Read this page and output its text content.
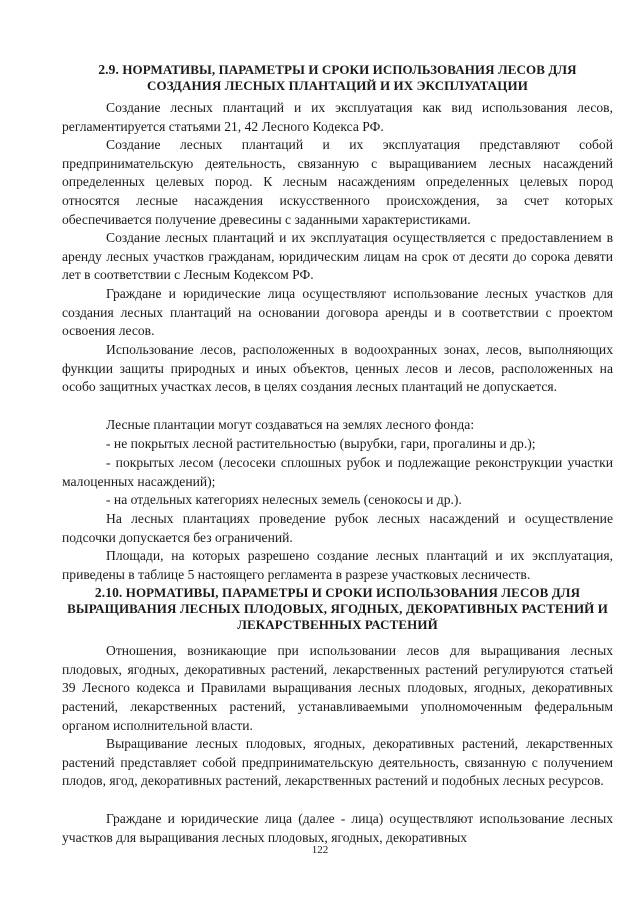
2.9. НОРМАТИВЫ, ПАРАМЕТРЫ И СРОКИ ИСПОЛЬЗОВАНИЯ ЛЕСОВ ДЛЯ СОЗДАНИЯ ЛЕСНЫХ ПЛАНТАЦИЙ И ИХ ЭКСПЛУАТАЦИИ

Создание лесных плантаций и их эксплуатация как вид использования лесов, регламентируется статьями 21, 42 Лесного Кодекса РФ.

Создание лесных плантаций и их эксплуатация представляют собой предпринимательскую деятельность, связанную с выращиванием лесных насаждений определенных целевых пород. К лесным насаждениям определенных целевых пород относятся лесные насаждения искусственного происхождения, за счет которых обеспечивается получение древесины с заданными характеристиками.

Создание лесных плантаций и их эксплуатация осуществляется с предоставлением в аренду лесных участков гражданам, юридическим лицам на срок от десяти до сорока девяти лет в соответствии с Лесным Кодексом РФ.

Граждане и юридические лица осуществляют использование лесных участков для создания лесных плантаций на основании договора аренды и в соответствии с проектом освоения лесов.

Использование лесов, расположенных в водоохранных зонах, лесов, выполняющих функции защиты природных и иных объектов, ценных лесов и лесов, расположенных на особо защитных участках лесов, в целях создания лесных плантаций не допускается.

Лесные плантации могут создаваться на землях лесного фонда:

- не покрытых лесной растительностью (вырубки, гари, прогалины и др.);

- покрытых лесом (лесосеки сплошных рубок и подлежащие реконструкции участки малоценных насаждений);

- на отдельных категориях нелесных земель (сенокосы и др.).

На лесных плантациях проведение рубок лесных насаждений и осуществление подсочки допускается без ограничений.

Площади, на которых разрешено создание лесных плантаций и их эксплуатация, приведены в таблице 5 настоящего регламента в разрезе участковых лесничеств.

2.10. НОРМАТИВЫ, ПАРАМЕТРЫ И СРОКИ ИСПОЛЬЗОВАНИЯ ЛЕСОВ ДЛЯ ВЫРАЩИВАНИЯ ЛЕСНЫХ ПЛОДОВЫХ, ЯГОДНЫХ, ДЕКОРАТИВНЫХ РАСТЕНИЙ И ЛЕКАРСТВЕННЫХ РАСТЕНИЙ

Отношения, возникающие при использовании лесов для выращивания лесных плодовых, ягодных, декоративных растений, лекарственных растений регулируются статьей 39 Лесного кодекса и Правилами выращивания лесных плодовых, ягодных, декоративных растений, лекарственных растений, устанавливаемыми уполномоченным федеральным органом исполнительной власти.

Выращивание лесных плодовых, ягодных, декоративных растений, лекарственных растений представляет собой предпринимательскую деятельность, связанную с получением плодов, ягод, декоративных растений, лекарственных растений и подобных лесных ресурсов.

Граждане и юридические лица (далее - лица) осуществляют использование лесных участков для выращивания лесных плодовых, ягодных, декоративных

122
